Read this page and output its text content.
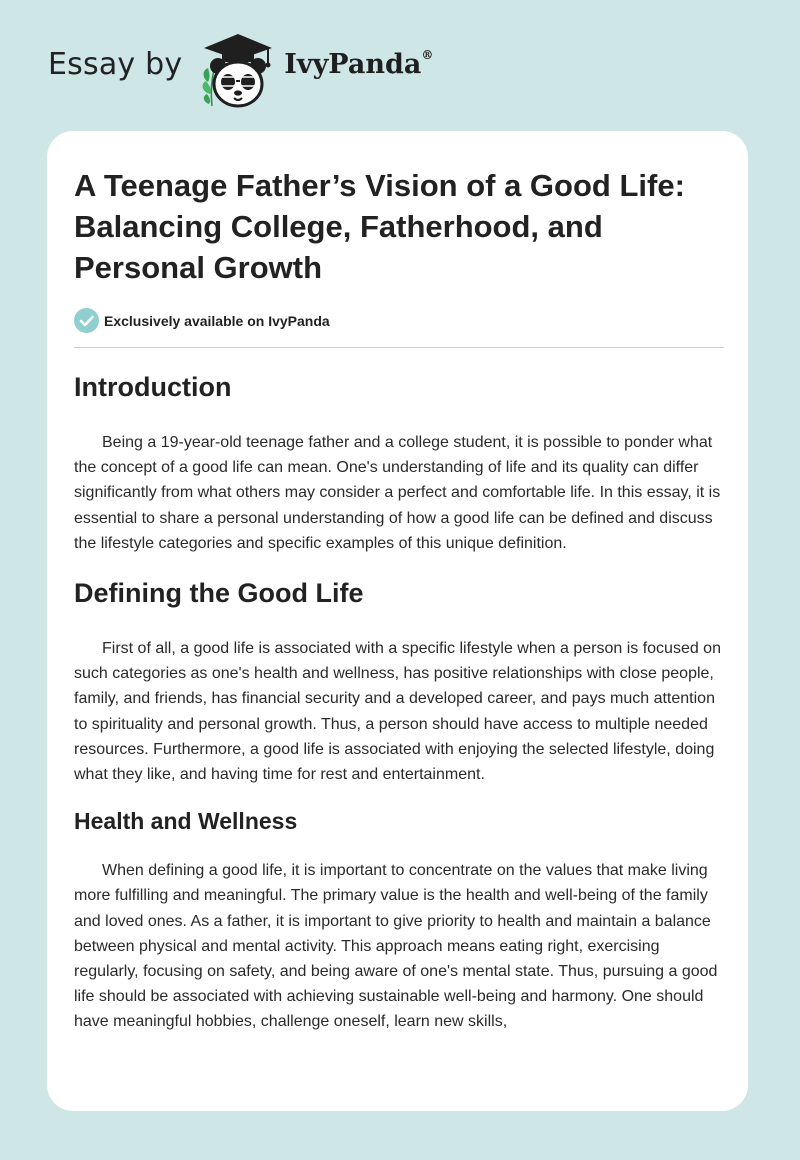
Essay by	IvyPanda®
A Teenage Father’s Vision of a Good Life: Balancing College, Fatherhood, and Personal Growth
Exclusively available on IvyPanda
Introduction

Being a 19-year-old teenage father and a college student, it is possible to ponder what the concept of a good life can mean. One's understanding of life and its quality can differ significantly from what others may consider a perfect and comfortable life. In this essay, it is essential to share a personal understanding of how a good life can be defined and discuss the lifestyle categories and specific examples of this unique definition.

Defining the Good Life

First of all, a good life is associated with a specific lifestyle when a person is focused on such categories as one's health and wellness, has positive relationships with close people, family, and friends, has financial security and a developed career, and pays much attention to spirituality and personal growth. Thus, a person should have access to multiple needed resources. Furthermore, a good life is associated with enjoying the selected lifestyle, doing what they like, and having time for rest and entertainment.

Health and Wellness

When defining a good life, it is important to concentrate on the values that make living more fulfilling and meaningful. The primary value is the health and well-being of the family and loved ones. As a father, it is important to give priority to health and maintain a balance between physical and mental activity. This approach means eating right, exercising regularly, focusing on safety, and being aware of one's mental state. Thus, pursuing a good life should be associated with achieving sustainable well-being and harmony. One should have meaningful hobbies, challenge oneself, learn new skills,
